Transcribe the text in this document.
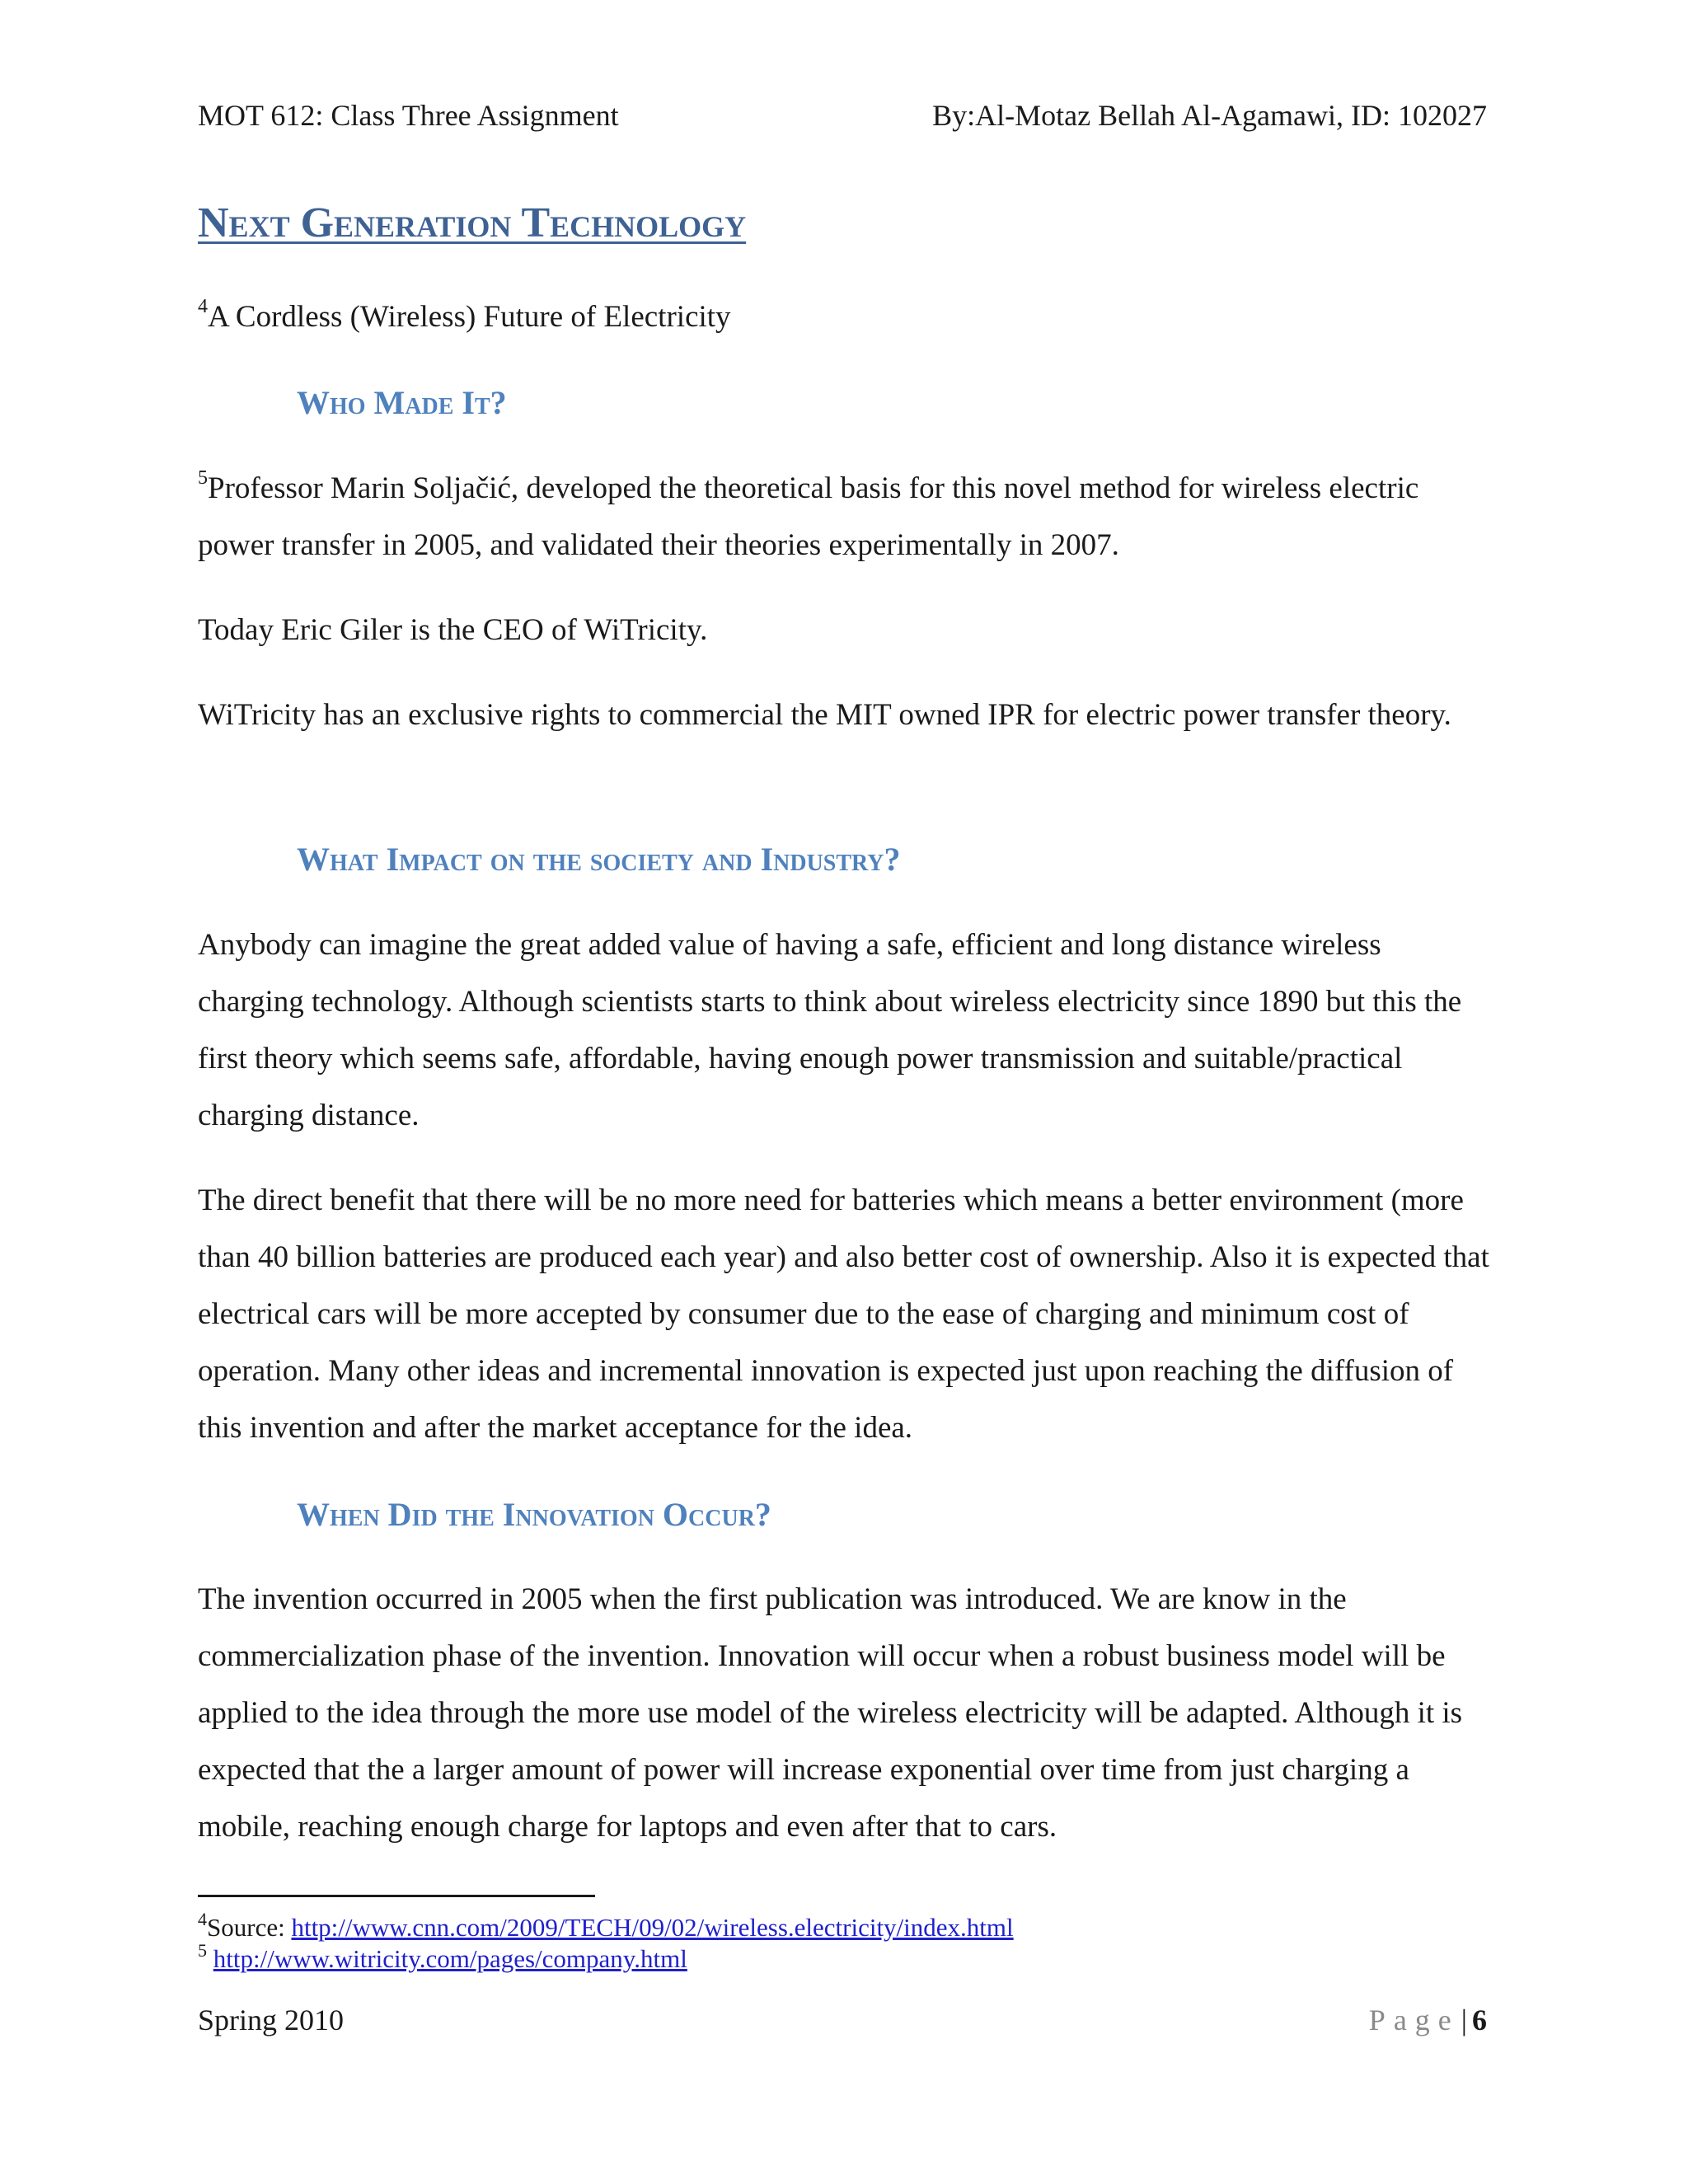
MOT 612: Class Three Assignment	By:Al-Motaz Bellah Al-Agamawi, ID: 102027
Next Generation Technology

$^4$A Cordless (Wireless) Future of Electricity

Who Made It?

$^5$Professor Marin Soljačić, developed the theoretical basis for this novel method for wireless electric power transfer in 2005, and validated their theories experimentally in 2007.

Today Eric Giler is the CEO of WiTricity.

WiTricity has an exclusive rights to commercial the MIT owned IPR for electric power transfer theory.

What Impact on the society and Industry?

Anybody can imagine the great added value of having a safe, efficient and long distance wireless charging technology. Although scientists starts to think about wireless electricity since 1890 but this the first theory which seems safe, affordable, having enough power transmission and suitable/practical charging distance.

The direct benefit that there will be no more need for batteries which means a better environment (more than 40 billion batteries are produced each year) and also better cost of ownership. Also it is expected that electrical cars will be more accepted by consumer due to the ease of charging and minimum cost of operation. Many other ideas and incremental innovation is expected just upon reaching the diffusion of this invention and after the market acceptance for the idea.

When Did the Innovation Occur?

The invention occurred in 2005 when the first publication was introduced. We are know in the commercialization phase of the invention. Innovation will occur when a robust business model will be applied to the idea through the more use model of the wireless electricity will be adapted. Although it is expected that the a larger amount of power will increase exponential over time from just charging a mobile, reaching enough charge for laptops and even after that to cars.

$^4$Source: http://www.cnn.com/2009/TECH/09/02/wireless.electricity/index.html
$^5$ http://www.witricity.com/pages/company.html
Spring 2010	Page| 6
